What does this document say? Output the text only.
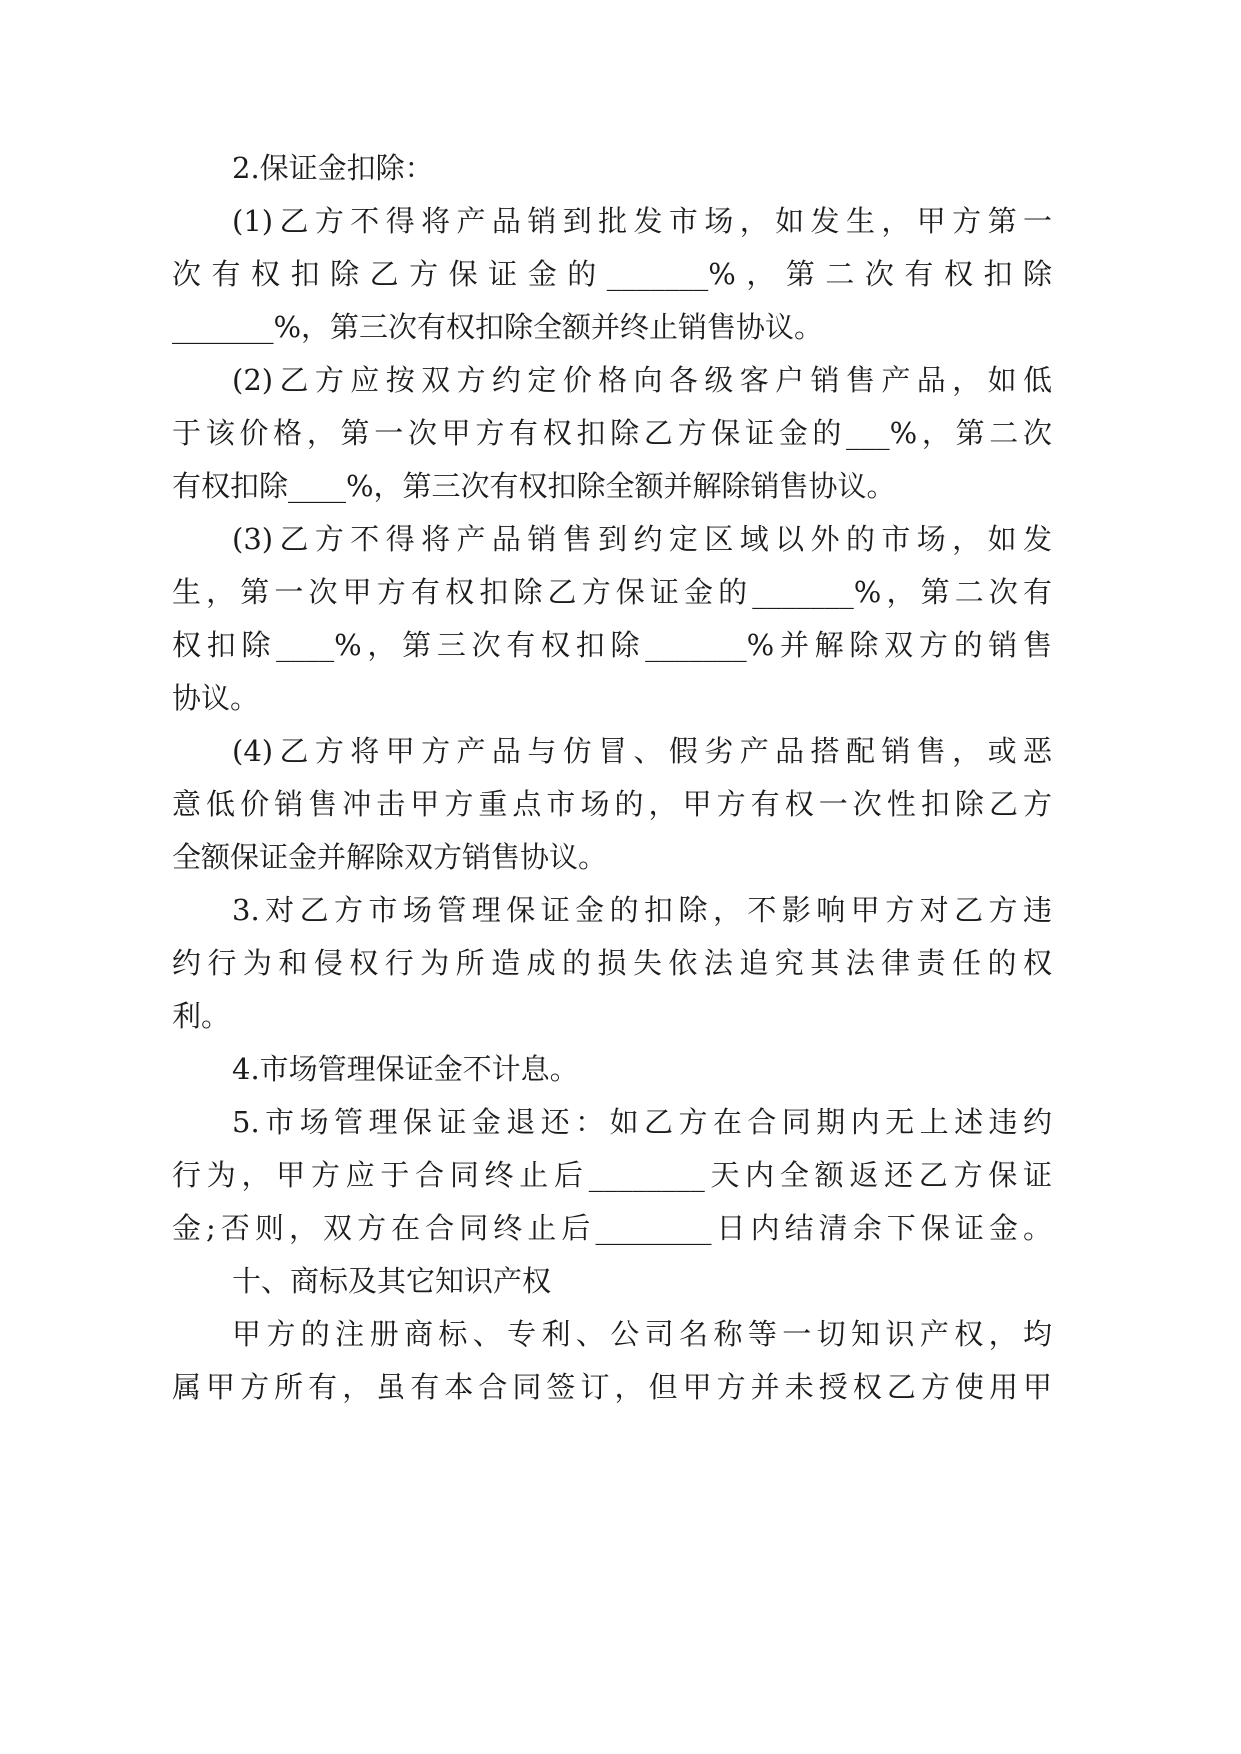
2.保证金扣除：
(1)乙方不得将产品销到批发市场，如发生，甲方第一
次有权扣除乙方保证金的_______%，第二次有权扣除
_______%，第三次有权扣除全额并终止销售协议。
(2)乙方应按双方约定价格向各级客户销售产品，如低
于该价格，第一次甲方有权扣除乙方保证金的___%，第二次
有权扣除____%，第三次有权扣除全额并解除销售协议。
(3)乙方不得将产品销售到约定区域以外的市场，如发
生，第一次甲方有权扣除乙方保证金的_______%，第二次有
权扣除____%，第三次有权扣除_______%并解除双方的销售
协议。
(4)乙方将甲方产品与仿冒、假劣产品搭配销售，或恶
意低价销售冲击甲方重点市场的，甲方有权一次性扣除乙方
全额保证金并解除双方销售协议。
3.对乙方市场管理保证金的扣除，不影响甲方对乙方违
约行为和侵权行为所造成的损失依法追究其法律责任的权
利。
4.市场管理保证金不计息。
5.市场管理保证金退还：如乙方在合同期内无上述违约
行为，甲方应于合同终止后________天内全额返还乙方保证
金;否则，双方在合同终止后________日内结清余下保证金。
十、商标及其它知识产权
甲方的注册商标、专利、公司名称等一切知识产权，均
属甲方所有，虽有本合同签订，但甲方并未授权乙方使用甲
